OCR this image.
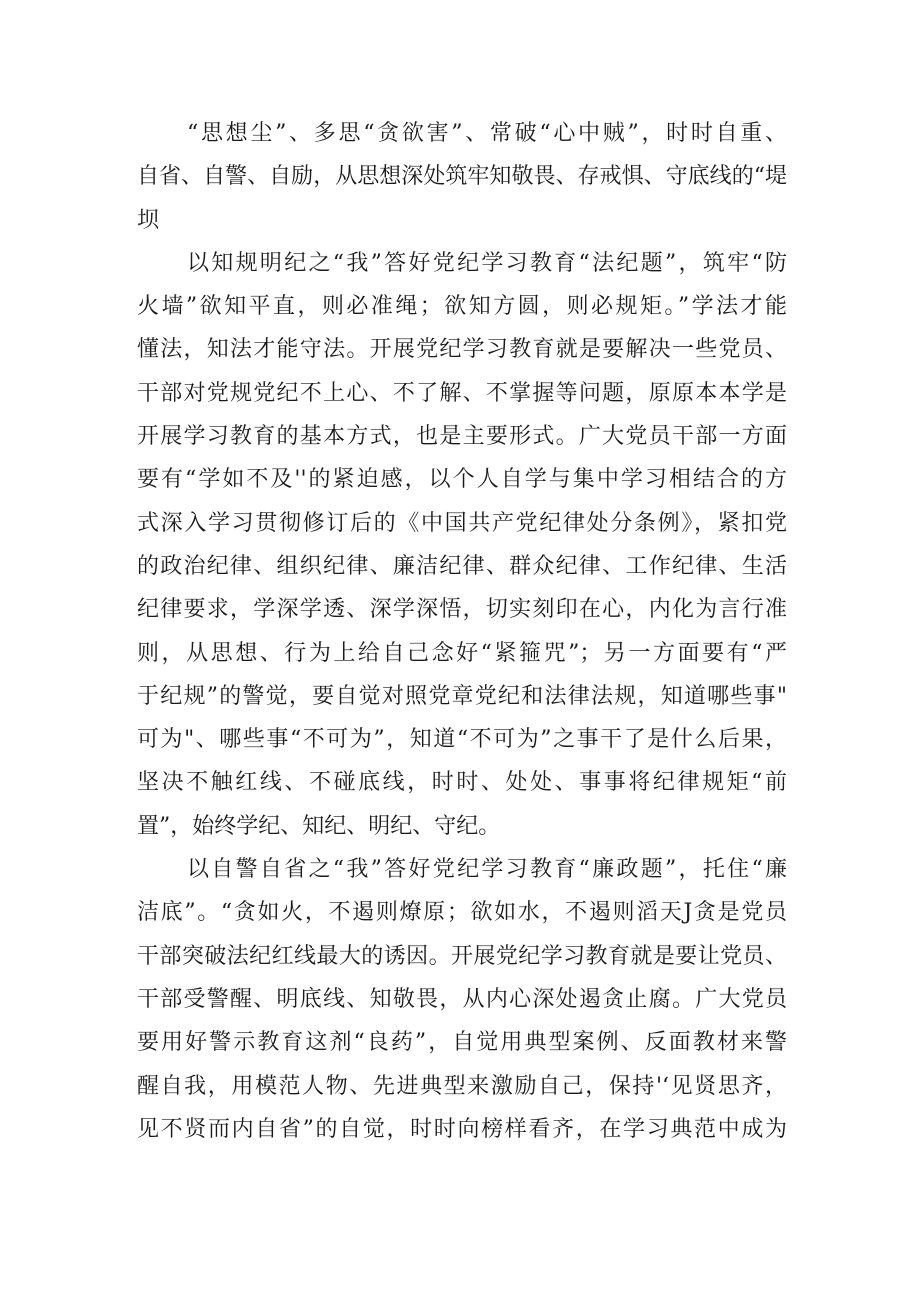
“思想尘”、多思“贪欲害”、常破“心中贼”，时时自重、
自省、自警、自励，从思想深处筑牢知敬畏、存戒惧、守底线的“堤
坝
以知规明纪之“我”答好党纪学习教育“法纪题”，筑牢“防
火墙”欲知平直，则必准绳；欲知方圆，则必规矩。”学法才能
懂法，知法才能守法。开展党纪学习教育就是要解决一些党员、
干部对党规党纪不上心、不了解、不掌握等问题，原原本本学是
开展学习教育的基本方式，也是主要形式。广大党员干部一方面
要有“学如不及''的紧迫感，以个人自学与集中学习相结合的方
式深入学习贯彻修订后的《中国共产党纪律处分条例》，紧扣党
的政治纪律、组织纪律、廉洁纪律、群众纪律、工作纪律、生活
纪律要求，学深学透、深学深悟，切实刻印在心，内化为言行准
则，从思想、行为上给自己念好“紧箍咒”；另一方面要有“严
于纪规”的警觉，要自觉对照党章党纪和法律法规，知道哪些事"
可为"、哪些事“不可为”，知道“不可为”之事干了是什么后果，
坚决不触红线、不碰底线，时时、处处、事事将纪律规矩“前
置”，始终学纪、知纪、明纪、守纪。
以自警自省之“我”答好党纪学习教育“廉政题”，托住“廉
洁底”。“贪如火，不遏则燎原；欲如水，不遏则滔天J贪是党员
干部突破法纪红线最大的诱因。开展党纪学习教育就是要让党员、
干部受警醒、明底线、知敬畏，从内心深处遏贪止腐。广大党员
要用好警示教育这剂“良药”，自觉用典型案例、反面教材来警
醒自我，用模范人物、先进典型来激励自己，保持'‘见贤思齐，
见不贤而内自省”的自觉，时时向榜样看齐，在学习典范中成为
